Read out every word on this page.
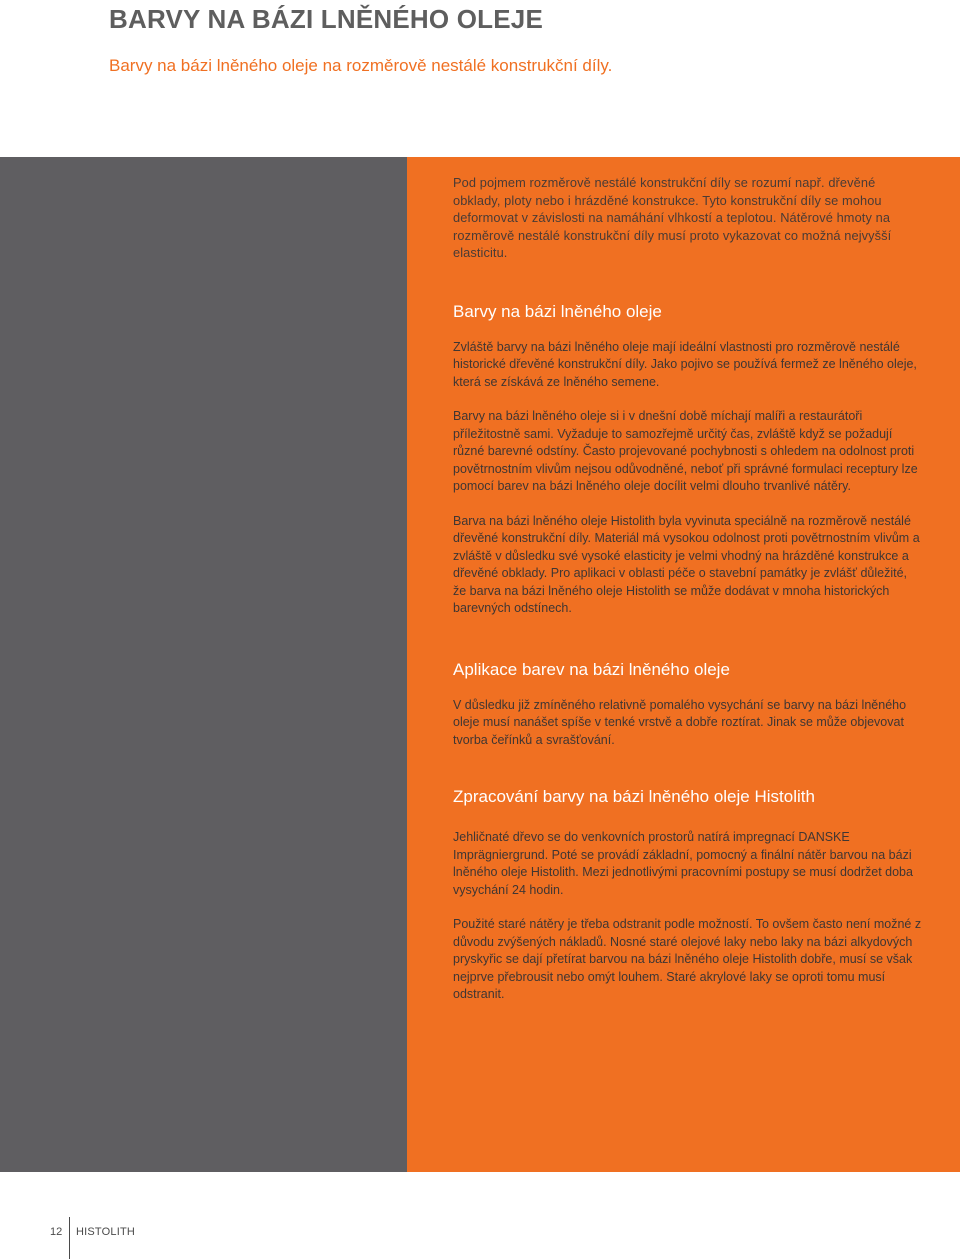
BARVY NA BÁZI LNĚNÉHO OLEJE
Barvy na bázi lněného oleje na rozměrově nestálé konstrukční díly.

Pod pojmem rozměrově nestálé konstrukční díly se rozumí např. dřevěné obklady, ploty nebo i hrázděné konstrukce. Tyto konstrukční díly se mohou deformovat v závislosti na namáhání vlhkostí a teplotou. Nátěrové hmoty na rozměrově nestálé konstrukční díly musí proto vykazovat co možná nejvyšší elasticitu.

Barvy na bázi lněného oleje

Zvláště barvy na bázi lněného oleje mají ideální vlastnosti pro rozměrově nestálé historické dřevěné konstrukční díly. Jako pojivo se používá fermež ze lněného oleje, která se získává ze lněného semene.

Barvy na bázi lněného oleje si i v dnešní době míchají malíři a restaurátoři příležitostně sami. Vyžaduje to samozřejmě určitý čas, zvláště když se požadují různé barevné odstíny. Často projevované pochybnosti s ohledem na odolnost proti povětrnostním vlivům nejsou odůvodněné, neboť při správné formulaci receptury lze pomocí barev na bázi lněného oleje docílit velmi dlouho trvanlivé nátěry.

Barva na bázi lněného oleje Histolith byla vyvinuta speciálně na rozměrově nestálé dřevěné konstrukční díly. Materiál má vysokou odolnost proti povětrnostním vlivům a zvláště v důsledku své vysoké elasticity je velmi vhodný na hrázděné konstrukce a dřevěné obklady. Pro aplikaci v oblasti péče o stavební památky je zvlášť důležité, že barva na bázi lněného oleje Histolith se může dodávat v mnoha historických barevných odstínech.

Aplikace barev na bázi lněného oleje

V důsledku již zmíněného relativně pomalého vysychání se barvy na bázi lněného oleje musí nanášet spíše v tenké vrstvě a dobře roztírat. Jinak se může objevovat tvorba čeřínků a svrašťování.

Zpracování barvy na bázi lněného oleje Histolith

Jehličnaté dřevo se do venkovních prostorů natírá impregnací DANSKE Imprägniergrund. Poté se provádí základní, pomocný a finální nátěr barvou na bázi lněného oleje Histolith. Mezi jednotlivými pracovními postupy se musí dodržet doba vysychání 24 hodin.

Použité staré nátěry je třeba odstranit podle možností. To ovšem často není možné z důvodu zvýšených nákladů. Nosné staré olejové laky nebo laky na bázi alkydových pryskyřic se dají přetírat barvou na bázi lněného oleje Histolith dobře, musí se však nejprve přebrousit nebo omýt louhem. Staré akrylové laky se oproti tomu musí odstranit.

12 HISTOLITH
